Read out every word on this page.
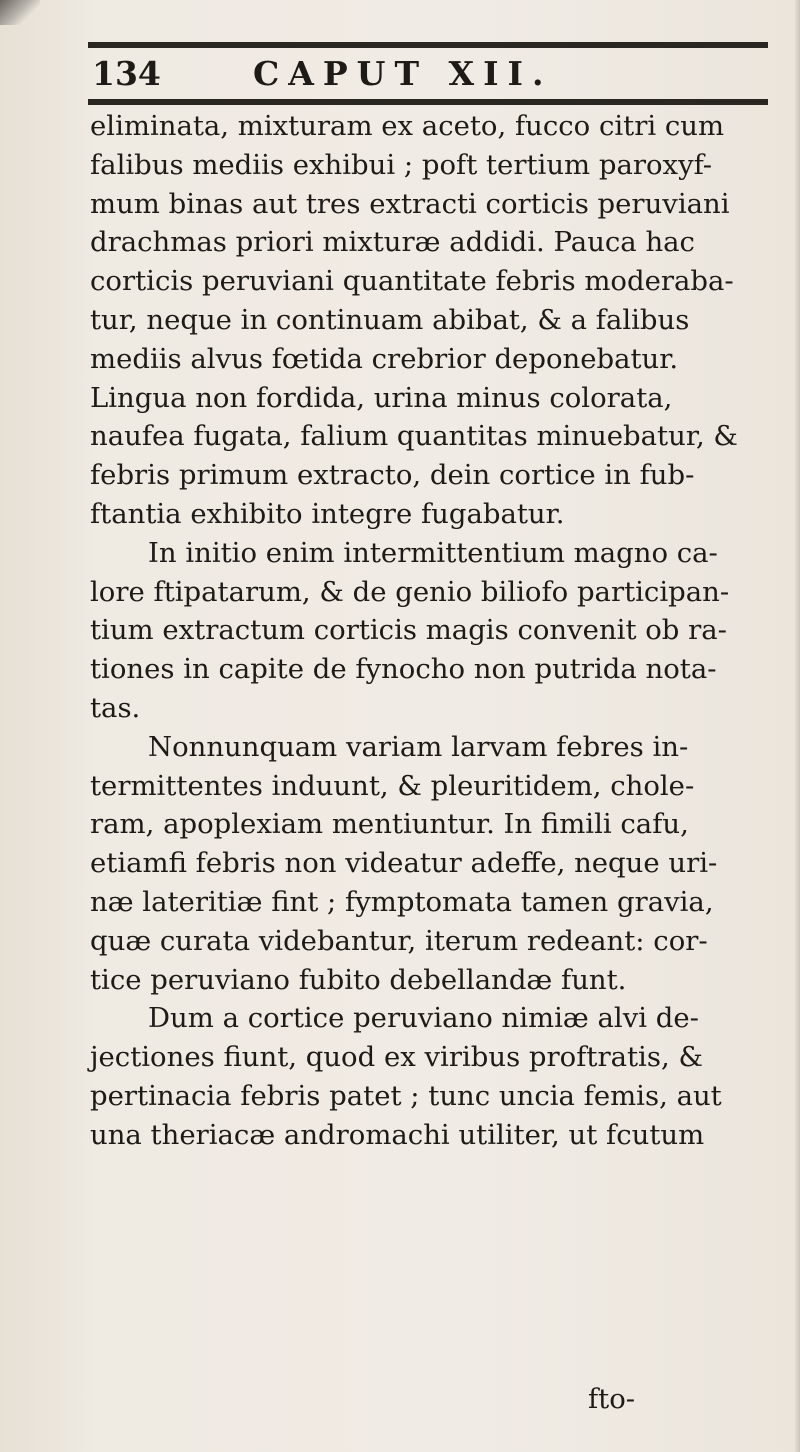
134	CAPUT XII.
eliminata, mixturam ex aceto, fucco citri cum
falibus mediis exhibui ; poft tertium paroxyf-
mum binas aut tres extracti corticis peruviani
drachmas priori mixturæ addidi. Pauca hac
corticis peruviani quantitate febris moderaba-
tur, neque in continuam abibat, & a falibus
mediis alvus fœtida crebrior deponebatur.
Lingua non fordida, urina minus colorata,
naufea fugata, falium quantitas minuebatur, &
febris primum extracto, dein cortice in fub-
ftantia exhibito integre fugabatur.
In initio enim intermittentium magno ca-
lore ftipatarum, & de genio biliofo participan-
tium extractum corticis magis convenit ob ra-
tiones in capite de fynocho non putrida nota-
tas.
Nonnunquam variam larvam febres in-
termittentes induunt, & pleuritidem, chole-
ram, apoplexiam mentiuntur. In fimili cafu,
etiamfi febris non videatur adeffe, neque uri-
næ lateritiæ fint ; fymptomata tamen gravia,
quæ curata videbantur, iterum redeant: cor-
tice peruviano fubito debellandæ funt.
Dum a cortice peruviano nimiæ alvi de-
jectiones fiunt, quod ex viribus proftratis, &
pertinacia febris patet ; tunc uncia femis, aut
una theriacæ andromachi utiliter, ut fcutum
fto-
